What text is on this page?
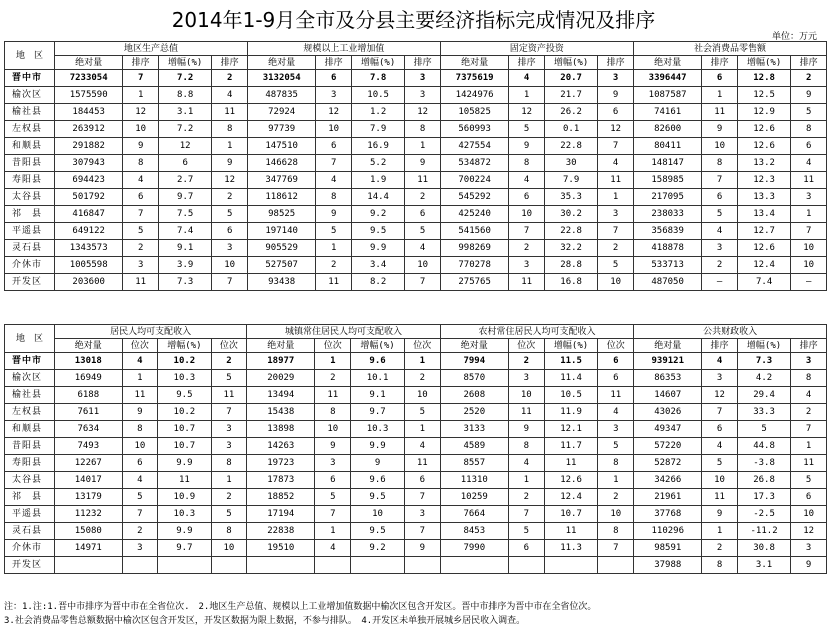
2014年1-9月全市及分县主要经济指标完成情况及排序
单位：万元
地　区	地区生产总值				规模以上工业增加值				固定资产投资				社会消费品零售额			
	绝对量	排序	增幅(%)	排序	绝对量	排序	增幅(%)	排序	绝对量	排序	增幅(%)	排序	绝对量	排序	增幅(%)	排序
晋中市	7233054	7	7.2	2	3132054	6	7.8	3	7375619	4	20.7	3	3396447	6	12.8	2
榆次区	1575590	1	8.8	4	487835	3	10.5	3	1424976	1	21.7	9	1087587	1	12.5	9
榆社县	184453	12	3.1	11	72924	12	1.2	12	105825	12	26.2	6	74161	11	12.9	5
左权县	263912	10	7.2	8	97739	10	7.9	8	560993	5	0.1	12	82600	9	12.6	8
和顺县	291882	9	12	1	147510	6	16.9	1	427554	9	22.8	7	80411	10	12.6	6
昔阳县	307943	8	6	9	146628	7	5.2	9	534872	8	30	4	148147	8	13.2	4
寿阳县	694423	4	2.7	12	347769	4	1.9	11	700224	4	7.9	11	158985	7	12.3	11
太谷县	501792	6	9.7	2	118612	8	14.4	2	545292	6	35.3	1	217095	6	13.3	3
祁　县	416847	7	7.5	5	98525	9	9.2	6	425240	10	30.2	3	238033	5	13.4	1
平遥县	649122	5	7.4	6	197140	5	9.5	5	541560	7	22.8	7	356839	4	12.7	7
灵石县	1343573	2	9.1	3	905529	1	9.9	4	998269	2	32.2	2	418878	3	12.6	10
介休市	1005598	3	3.9	10	527507	2	3.4	10	770278	3	28.8	5	533713	2	12.4	10
开发区	203600	11	7.3	7	93438	11	8.2	7	275765	11	16.8	10	487050	—	7.4	—
地　区	居民人均可支配收入				城镇常住居民人均可支配收入				农村常住居民人均可支配收入				公共财政收入			
	绝对量	位次	增幅(%)	位次	绝对量	位次	增幅(%)	位次	绝对量	位次	增幅(%)	位次	绝对量	排序	增幅(%)	排序
晋中市	13018	4	10.2	2	18977	1	9.6	1	7994	2	11.5	6	939121	4	7.3	3
榆次区	16949	1	10.3	5	20029	2	10.1	2	8570	3	11.4	6	86353	3	4.2	8
榆社县	6188	11	9.5	11	13494	11	9.1	10	2608	10	10.5	11	14607	12	29.4	4
左权县	7611	9	10.2	7	15438	8	9.7	5	2520	11	11.9	4	43026	7	33.3	2
和顺县	7634	8	10.7	3	13898	10	10.3	1	3133	9	12.1	3	49347	6	5	7
昔阳县	7493	10	10.7	3	14263	9	9.9	4	4589	8	11.7	5	57220	4	44.8	1
寿阳县	12267	6	9.9	8	19723	3	9	11	8557	4	11	8	52872	5	-3.8	11
太谷县	14017	4	11	1	17873	6	9.6	6	11310	1	12.6	1	34266	10	26.8	5
祁　县	13179	5	10.9	2	18852	5	9.5	7	10259	2	12.4	2	21961	11	17.3	6
平遥县	11232	7	10.3	5	17194	7	10	3	7664	7	10.7	10	37768	9	-2.5	10
灵石县	15080	2	9.9	8	22838	1	9.5	7	8453	5	11	8	110296	1	-11.2	12
介休市	14971	3	9.7	10	19510	4	9.2	9	7990	6	11.3	7	98591	2	30.8	3
开发区													37988	8	3.1	9
注：1.注:1.晋中市排序为晋中市在全省位次.　2.地区生产总值、规模以上工业增加值数据中榆次区包含开发区。晋中市排序为晋中市在全省位次。
3.社会消费品零售总额数据中榆次区包含开发区，开发区数据为限上数据，不参与排队。　4.开发区未单独开展城乡居民收入调查。
